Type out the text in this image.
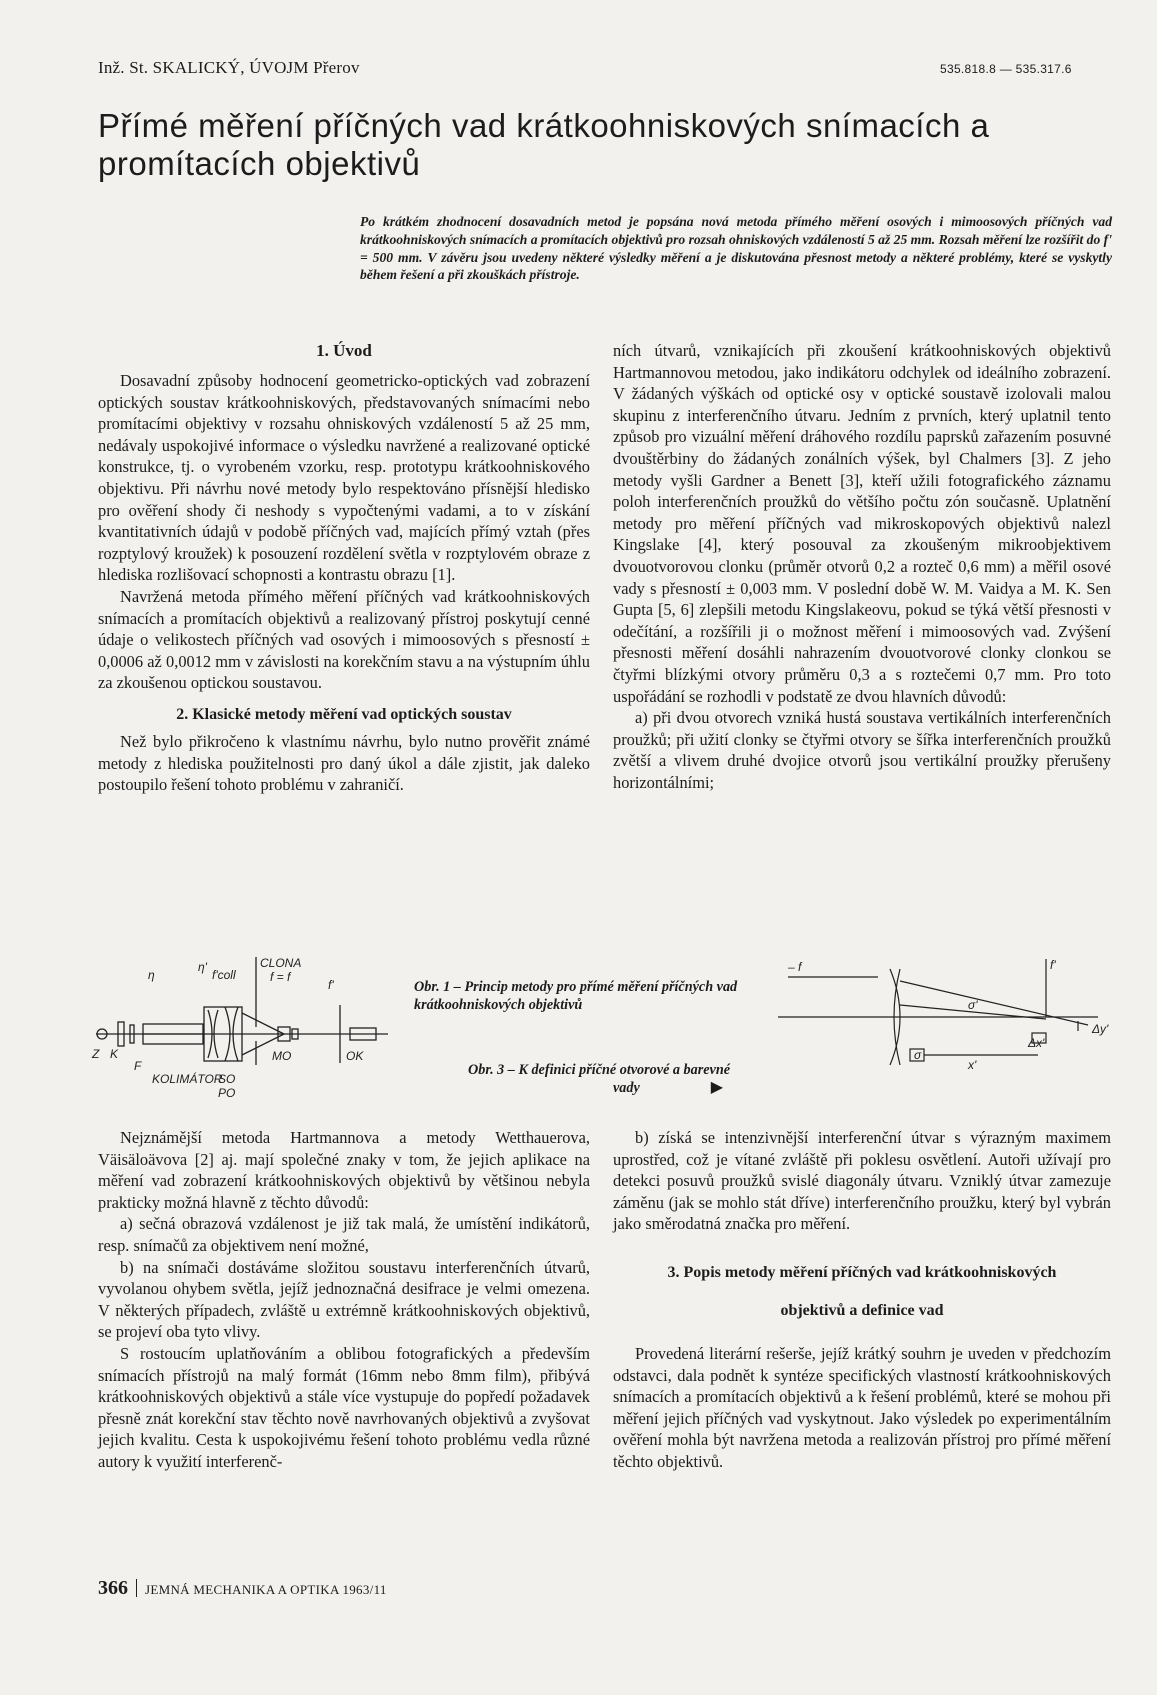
Inž. St. SKALICKÝ, ÚVOJM Přerov	535.818.8 — 535.317.6
Přímé měření příčných vad krátkoohniskových snímacích a promítacích objektivů
Po krátkém zhodnocení dosavadních metod je popsána nová metoda přímého měření osových i mimoosových příčných vad krátkoohniskových snímacích a promítacích objektivů pro rozsah ohniskových vzdáleností 5 až 25 mm. Rozsah měření lze rozšířit do f' = 500 mm. V závěru jsou uvedeny některé výsledky měření a je diskutována přesnost metody a některé problémy, které se vyskytly během řešení a při zkouškách přístroje.

1. Úvod

Dosavadní způsoby hodnocení geometricko-optických vad zobrazení optických soustav krátkoohniskových, představovaných snímacími nebo promítacími objektivy v rozsahu ohniskových vzdáleností 5 až 25 mm, nedávaly uspokojivé informace o výsledku navržené a realizované optické konstrukce, tj. o vyrobeném vzorku, resp. prototypu krátkoohniskového objektivu. Při návrhu nové metody bylo respektováno přísnější hledisko pro ověření shody či neshody s vypočtenými vadami, a to v získání kvantitativních údajů v podobě příčných vad, majících přímý vztah (přes rozptylový kroužek) k posouzení rozdělení světla v rozptylovém obraze z hlediska rozlišovací schopnosti a kontrastu obrazu [1].

Navržená metoda přímého měření příčných vad krátkoohniskových snímacích a promítacích objektivů a realizovaný přístroj poskytují cenné údaje o velikostech příčných vad osových i mimoosových s přesností ± 0,0006 až 0,0012 mm v závislosti na korekčním stavu a na výstupním úhlu za zkoušenou optickou soustavou.

2. Klasické metody měření vad optických soustav

Než bylo přikročeno k vlastnímu návrhu, bylo nutno prověřit známé metody z hlediska použitelnosti pro daný úkol a dále zjistit, jak daleko postoupilo řešení tohoto problému v zahraničí.

ních útvarů, vznikajících při zkoušení krátkoohniskových objektivů Hartmannovou metodou, jako indikátoru odchylek od ideálního zobrazení. V žádaných výškách od optické osy v optické soustavě izolovali malou skupinu z interferenčního útvaru. Jedním z prvních, který uplatnil tento způsob pro vizuální měření dráhového rozdílu paprsků zařazením posuvné dvouštěrbiny do žádaných zonálních výšek, byl Chalmers [3]. Z jeho metody vyšli Gardner a Benett [3], kteří užili fotografického záznamu poloh interferenčních proužků do většího počtu zón současně. Uplatnění metody pro měření příčných vad mikroskopových objektivů nalezl Kingslake [4], který posouval za zkoušeným mikroobjektivem dvouotvorovou clonku (průměr otvorů 0,2 a rozteč 0,6 mm) a měřil osové vady s přesností ± 0,003 mm. V poslední době W. M. Vaidya a M. K. Sen Gupta [5, 6] zlepšili metodu Kingslakeovu, pokud se týká větší přesnosti v odečítání, a rozšířili ji o možnost měření i mimoosových vad. Zvýšení přesnosti měření dosáhli nahrazením dvouotvorové clonky clonkou se čtyřmi blízkými otvory průměru 0,3 a s roztečemi 0,7 mm. Pro toto uspořádání se rozhodli v podstatě ze dvou hlavních důvodů:

a) při dvou otvorech vzniká hustá soustava vertikálních interferenčních proužků; při užití clonky se čtyřmi otvory se šířka interferenčních proužků zvětší a vlivem druhé dvojice otvorů jsou vertikální proužky přerušeny horizontálními;

CLONA
η
η'
f'coll	f = f
f'
Z K
F
KOLIMÁTOR
SO
PO
MO	OK
– f	f'
σ'
Δy'
Δx'
x'
σ
Obr. 1 – Princip metody pro přímé měření příčných vad krátkoohniskových objektivů
Obr. 3 – K definici příčné otvorové a barevné
vady	▶

Nejznámější metoda Hartmannova a metody Wetthauerova, Väisäloävova [2] aj. mají společné znaky v tom, že jejich aplikace na měření vad zobrazení krátkoohniskových objektivů by většinou nebyla prakticky možná hlavně z těchto důvodů:

a) sečná obrazová vzdálenost je již tak malá, že umístění indikátorů, resp. snímačů za objektivem není možné,

b) na snímači dostáváme složitou soustavu interferenčních útvarů, vyvolanou ohybem světla, jejíž jednoznačná desifrace je velmi omezena. V některých případech, zvláště u extrémně krátkoohniskových objektivů, se projeví oba tyto vlivy.

S rostoucím uplatňováním a oblibou fotografických a především snímacích přístrojů na malý formát (16mm nebo 8mm film), přibývá krátkoohniskových objektivů a stále více vystupuje do popředí požadavek přesně znát korekční stav těchto nově navrhovaných objektivů a zvyšovat jejich kvalitu. Cesta k uspokojivému řešení tohoto problému vedla různé autory k využití interferenč-

b) získá se intenzivnější interferenční útvar s výrazným maximem uprostřed, což je vítané zvláště při poklesu osvětlení. Autoři užívají pro detekci posuvů proužků svislé diagonály útvaru. Vzniklý útvar zamezuje záměnu (jak se mohlo stát dříve) interferenčního proužku, který byl vybrán jako směrodatná značka pro měření.

3. Popis metody měření příčných vad krátkoohniskových
objektivů a definice vad

Provedená literární rešerše, jejíž krátký souhrn je uveden v předchozím odstavci, dala podnět k syntéze specifických vlastností krátkoohniskových snímacích a promítacích objektivů a k řešení problémů, které se mohou při měření jejich příčných vad vyskytnout. Jako výsledek po experimentálním ověření mohla být navržena metoda a realizován přístroj pro přímé měření těchto objektivů.

366 JEMNÁ MECHANIKA A OPTIKA 1963/11
